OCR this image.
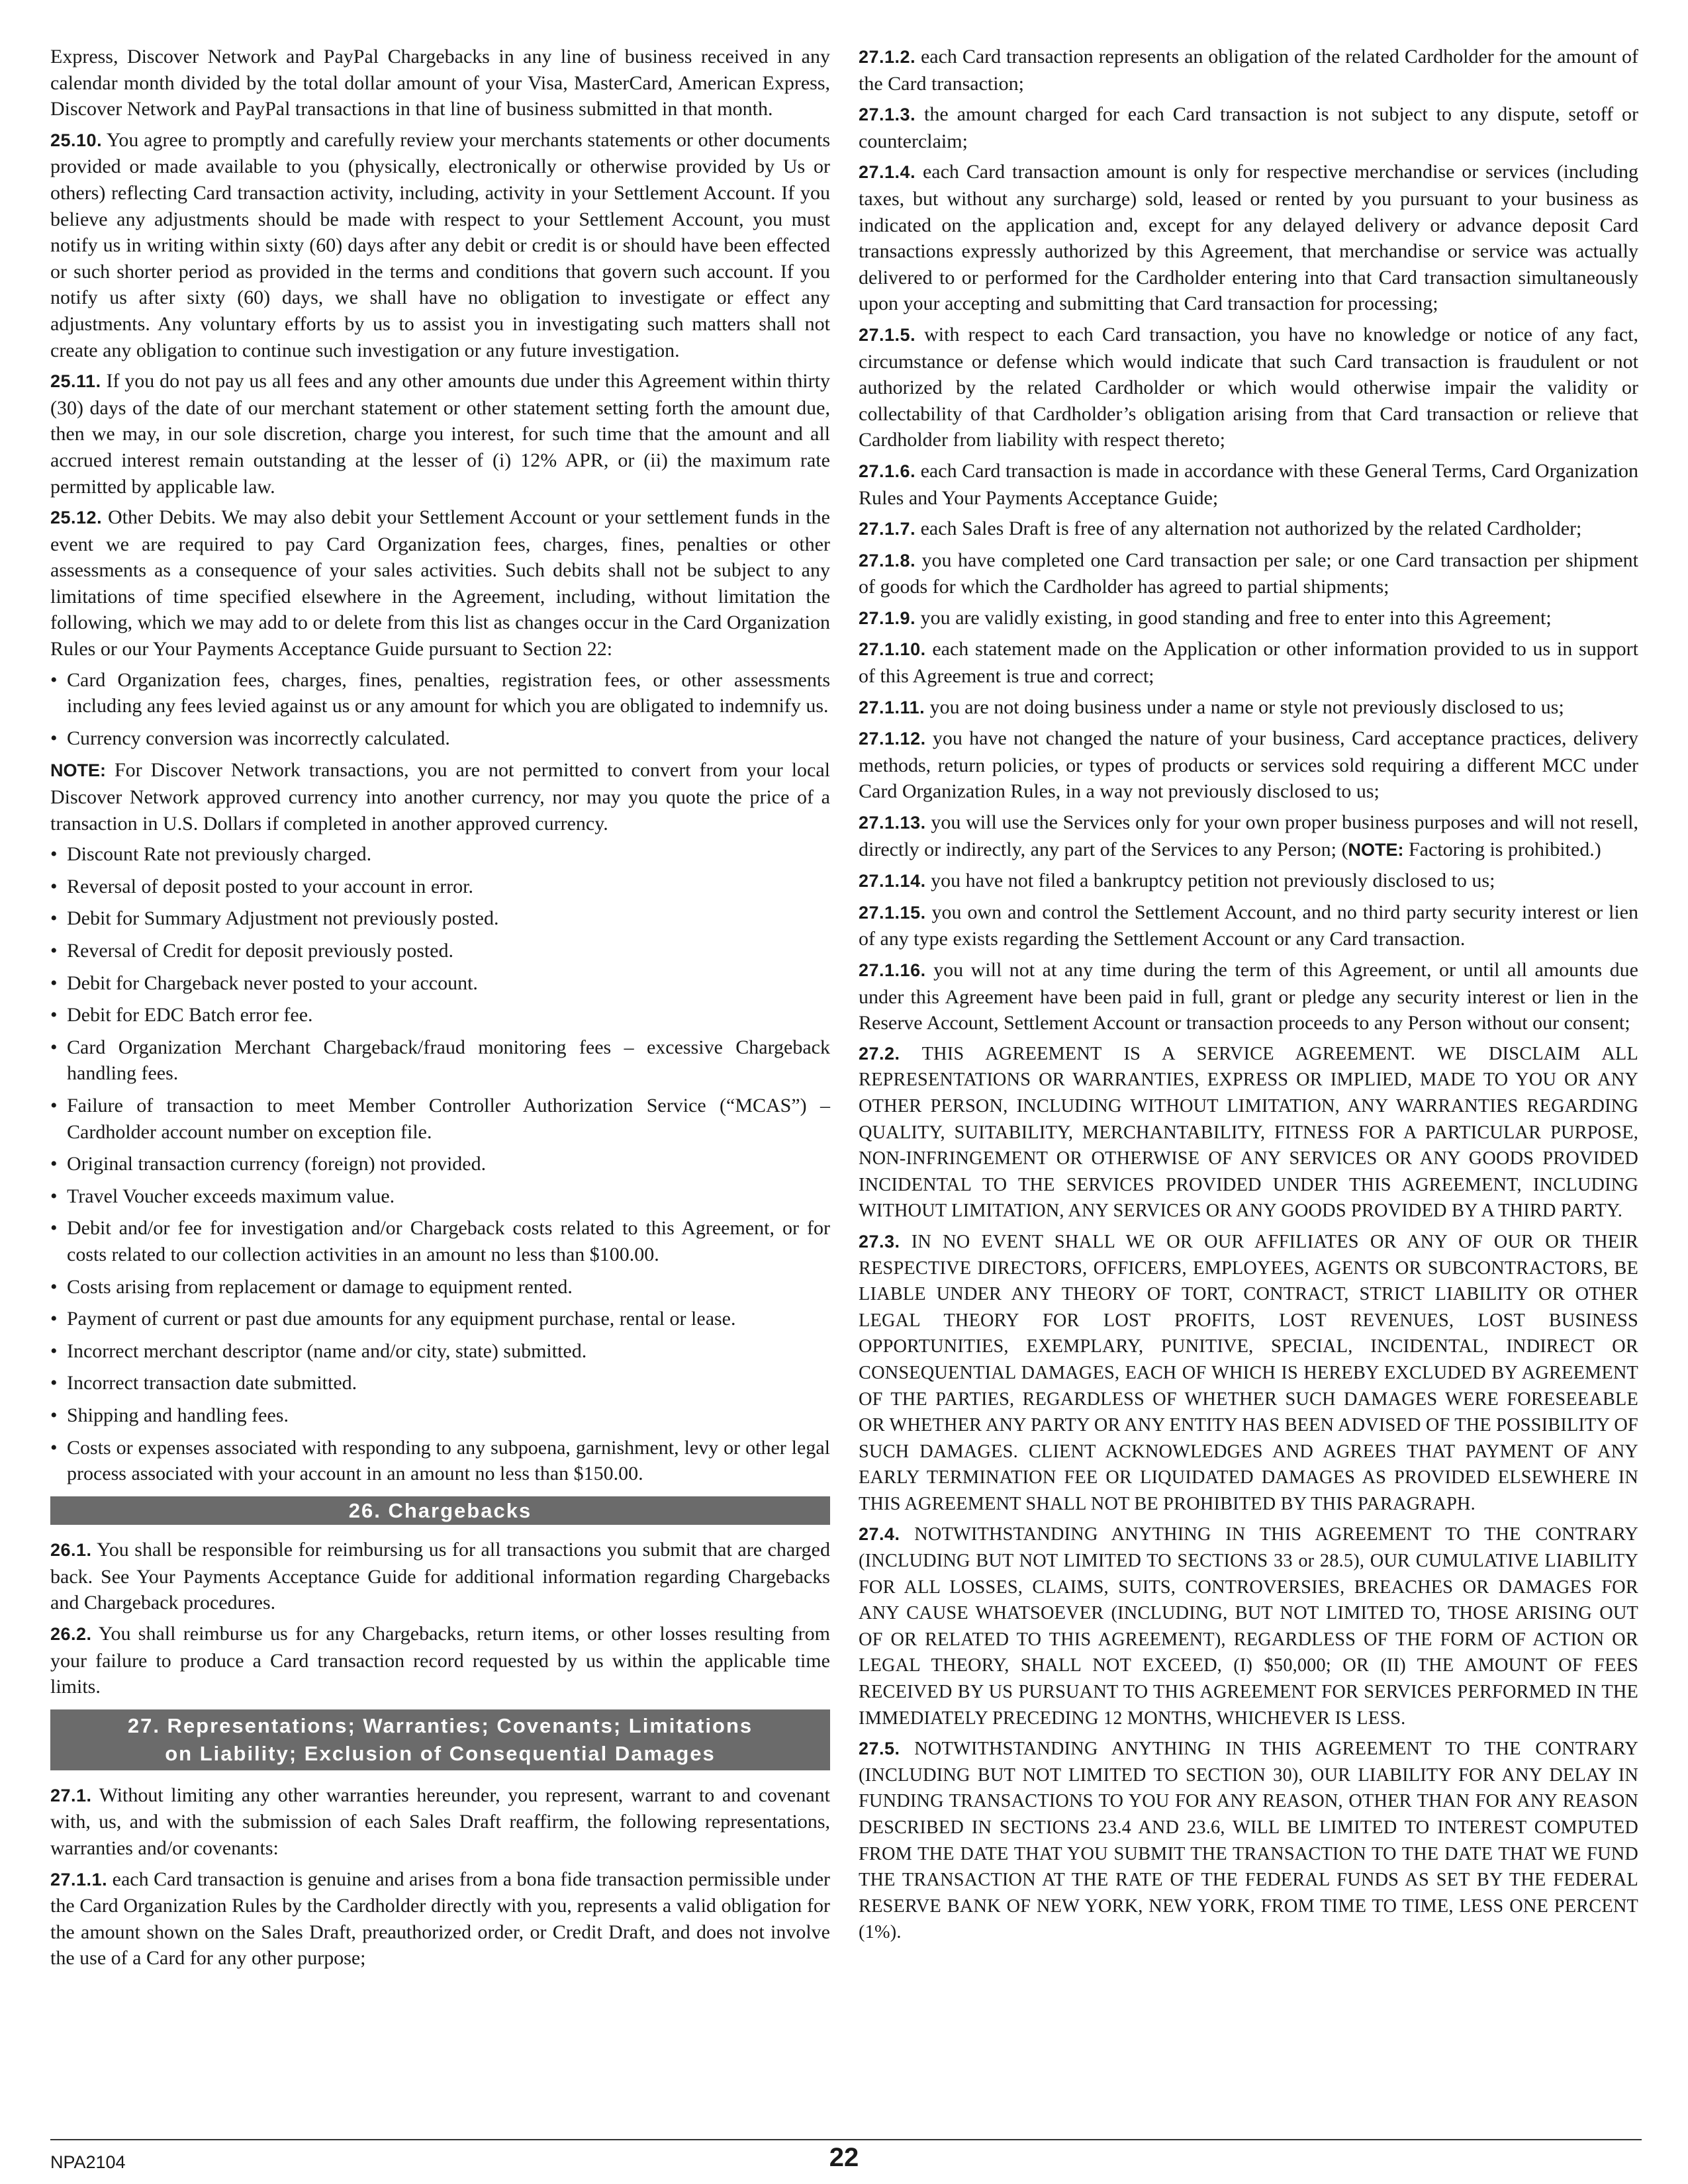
Express, Discover Network and PayPal Chargebacks in any line of business received in any calendar month divided by the total dollar amount of your Visa, MasterCard, American Express, Discover Network and PayPal transactions in that line of business submitted in that month.

25.10. You agree to promptly and carefully review your merchants statements or other documents provided or made available to you (physically, electronically or otherwise provided by Us or others) reflecting Card transaction activity, including, activity in your Settlement Account. If you believe any adjustments should be made with respect to your Settlement Account, you must notify us in writing within sixty (60) days after any debit or credit is or should have been effected or such shorter period as provided in the terms and conditions that govern such account. If you notify us after sixty (60) days, we shall have no obligation to investigate or effect any adjustments. Any voluntary efforts by us to assist you in investigating such matters shall not create any obligation to continue such investigation or any future investigation.

25.11. If you do not pay us all fees and any other amounts due under this Agreement within thirty (30) days of the date of our merchant statement or other statement setting forth the amount due, then we may, in our sole discretion, charge you interest, for such time that the amount and all accrued interest remain outstanding at the lesser of (i) 12% APR, or (ii) the maximum rate permitted by applicable law.

25.12. Other Debits. We may also debit your Settlement Account or your settlement funds in the event we are required to pay Card Organization fees, charges, fines, penalties or other assessments as a consequence of your sales activities. Such debits shall not be subject to any limitations of time specified elsewhere in the Agreement, including, without limitation the following, which we may add to or delete from this list as changes occur in the Card Organization Rules or our Your Payments Acceptance Guide pursuant to Section 22:

• Card Organization fees, charges, fines, penalties, registration fees, or other assessments including any fees levied against us or any amount for which you are obligated to indemnify us.
• Currency conversion was incorrectly calculated.

NOTE: For Discover Network transactions, you are not permitted to convert from your local Discover Network approved currency into another currency, nor may you quote the price of a transaction in U.S. Dollars if completed in another approved currency.

• Discount Rate not previously charged.
• Reversal of deposit posted to your account in error.
• Debit for Summary Adjustment not previously posted.
• Reversal of Credit for deposit previously posted.
• Debit for Chargeback never posted to your account.
• Debit for EDC Batch error fee.
• Card Organization Merchant Chargeback/fraud monitoring fees – excessive Chargeback handling fees.
• Failure of transaction to meet Member Controller Authorization Service (“MCAS”) – Cardholder account number on exception file.
• Original transaction currency (foreign) not provided.
• Travel Voucher exceeds maximum value.
• Debit and/or fee for investigation and/or Chargeback costs related to this Agreement, or for costs related to our collection activities in an amount no less than $100.00.
• Costs arising from replacement or damage to equipment rented.
• Payment of current or past due amounts for any equipment purchase, rental or lease.
• Incorrect merchant descriptor (name and/or city, state) submitted.
• Incorrect transaction date submitted.
• Shipping and handling fees.
• Costs or expenses associated with responding to any subpoena, garnishment, levy or other legal process associated with your account in an amount no less than $150.00.
26. Chargebacks

26.1. You shall be responsible for reimbursing us for all transactions you submit that are charged back. See Your Payments Acceptance Guide for additional information regarding Chargebacks and Chargeback procedures.

26.2. You shall reimburse us for any Chargebacks, return items, or other losses resulting from your failure to produce a Card transaction record requested by us within the applicable time limits.

27. Representations; Warranties; Covenants; Limitations
on Liability; Exclusion of Consequential Damages

27.1. Without limiting any other warranties hereunder, you represent, warrant to and covenant with, us, and with the submission of each Sales Draft reaffirm, the following representations, warranties and/or covenants:

27.1.1. each Card transaction is genuine and arises from a bona fide transaction permissible under the Card Organization Rules by the Cardholder directly with you, represents a valid obligation for the amount shown on the Sales Draft, preauthorized order, or Credit Draft, and does not involve the use of a Card for any other purpose;

27.1.2. each Card transaction represents an obligation of the related Cardholder for the amount of the Card transaction;

27.1.3. the amount charged for each Card transaction is not subject to any dispute, setoff or counterclaim;

27.1.4. each Card transaction amount is only for respective merchandise or services (including taxes, but without any surcharge) sold, leased or rented by you pursuant to your business as indicated on the application and, except for any delayed delivery or advance deposit Card transactions expressly authorized by this Agreement, that merchandise or service was actually delivered to or performed for the Cardholder entering into that Card transaction simultaneously upon your accepting and submitting that Card transaction for processing;

27.1.5. with respect to each Card transaction, you have no knowledge or notice of any fact, circumstance or defense which would indicate that such Card transaction is fraudulent or not authorized by the related Cardholder or which would otherwise impair the validity or collectability of that Cardholder’s obligation arising from that Card transaction or relieve that Cardholder from liability with respect thereto;

27.1.6. each Card transaction is made in accordance with these General Terms, Card Organization Rules and Your Payments Acceptance Guide;

27.1.7. each Sales Draft is free of any alternation not authorized by the related Cardholder;

27.1.8. you have completed one Card transaction per sale; or one Card transaction per shipment of goods for which the Cardholder has agreed to partial shipments;

27.1.9. you are validly existing, in good standing and free to enter into this Agreement;

27.1.10. each statement made on the Application or other information provided to us in support of this Agreement is true and correct;

27.1.11. you are not doing business under a name or style not previously disclosed to us;

27.1.12. you have not changed the nature of your business, Card acceptance practices, delivery methods, return policies, or types of products or services sold requiring a different MCC under Card Organization Rules, in a way not previously disclosed to us;

27.1.13. you will use the Services only for your own proper business purposes and will not resell, directly or indirectly, any part of the Services to any Person; (NOTE: Factoring is prohibited.)

27.1.14. you have not filed a bankruptcy petition not previously disclosed to us;

27.1.15. you own and control the Settlement Account, and no third party security interest or lien of any type exists regarding the Settlement Account or any Card transaction.

27.1.16. you will not at any time during the term of this Agreement, or until all amounts due under this Agreement have been paid in full, grant or pledge any security interest or lien in the Reserve Account, Settlement Account or transaction proceeds to any Person without our consent;

27.2. THIS AGREEMENT IS A SERVICE AGREEMENT. WE DISCLAIM ALL REPRESENTATIONS OR WARRANTIES, EXPRESS OR IMPLIED, MADE TO YOU OR ANY OTHER PERSON, INCLUDING WITHOUT LIMITATION, ANY WARRANTIES REGARDING QUALITY, SUITABILITY, MERCHANTABILITY, FITNESS FOR A PARTICULAR PURPOSE, NON-INFRINGEMENT OR OTHERWISE OF ANY SERVICES OR ANY GOODS PROVIDED INCIDENTAL TO THE SERVICES PROVIDED UNDER THIS AGREEMENT, INCLUDING WITHOUT LIMITATION, ANY SERVICES OR ANY GOODS PROVIDED BY A THIRD PARTY.

27.3. IN NO EVENT SHALL WE OR OUR AFFILIATES OR ANY OF OUR OR THEIR RESPECTIVE DIRECTORS, OFFICERS, EMPLOYEES, AGENTS OR SUBCONTRACTORS, BE LIABLE UNDER ANY THEORY OF TORT, CONTRACT, STRICT LIABILITY OR OTHER LEGAL THEORY FOR LOST PROFITS, LOST REVENUES, LOST BUSINESS OPPORTUNITIES, EXEMPLARY, PUNITIVE, SPECIAL, INCIDENTAL, INDIRECT OR CONSEQUENTIAL DAMAGES, EACH OF WHICH IS HEREBY EXCLUDED BY AGREEMENT OF THE PARTIES, REGARDLESS OF WHETHER SUCH DAMAGES WERE FORESEEABLE OR WHETHER ANY PARTY OR ANY ENTITY HAS BEEN ADVISED OF THE POSSIBILITY OF SUCH DAMAGES. CLIENT ACKNOWLEDGES AND AGREES THAT PAYMENT OF ANY EARLY TERMINATION FEE OR LIQUIDATED DAMAGES AS PROVIDED ELSEWHERE IN THIS AGREEMENT SHALL NOT BE PROHIBITED BY THIS PARAGRAPH.

27.4. NOTWITHSTANDING ANYTHING IN THIS AGREEMENT TO THE CONTRARY (INCLUDING BUT NOT LIMITED TO SECTIONS 33 or 28.5), OUR CUMULATIVE LIABILITY FOR ALL LOSSES, CLAIMS, SUITS, CONTROVERSIES, BREACHES OR DAMAGES FOR ANY CAUSE WHATSOEVER (INCLUDING, BUT NOT LIMITED TO, THOSE ARISING OUT OF OR RELATED TO THIS AGREEMENT), REGARDLESS OF THE FORM OF ACTION OR LEGAL THEORY, SHALL NOT EXCEED, (I) $50,000; OR (II) THE AMOUNT OF FEES RECEIVED BY US PURSUANT TO THIS AGREEMENT FOR SERVICES PERFORMED IN THE IMMEDIATELY PRECEDING 12 MONTHS, WHICHEVER IS LESS.

27.5. NOTWITHSTANDING ANYTHING IN THIS AGREEMENT TO THE CONTRARY (INCLUDING BUT NOT LIMITED TO SECTION 30), OUR LIABILITY FOR ANY DELAY IN FUNDING TRANSACTIONS TO YOU FOR ANY REASON, OTHER THAN FOR ANY REASON DESCRIBED IN SECTIONS 23.4 AND 23.6, WILL BE LIMITED TO INTEREST COMPUTED FROM THE DATE THAT YOU SUBMIT THE TRANSACTION TO THE DATE THAT WE FUND THE TRANSACTION AT THE RATE OF THE FEDERAL FUNDS AS SET BY THE FEDERAL RESERVE BANK OF NEW YORK, NEW YORK, FROM TIME TO TIME, LESS ONE PERCENT (1%).

NPA2104	22
